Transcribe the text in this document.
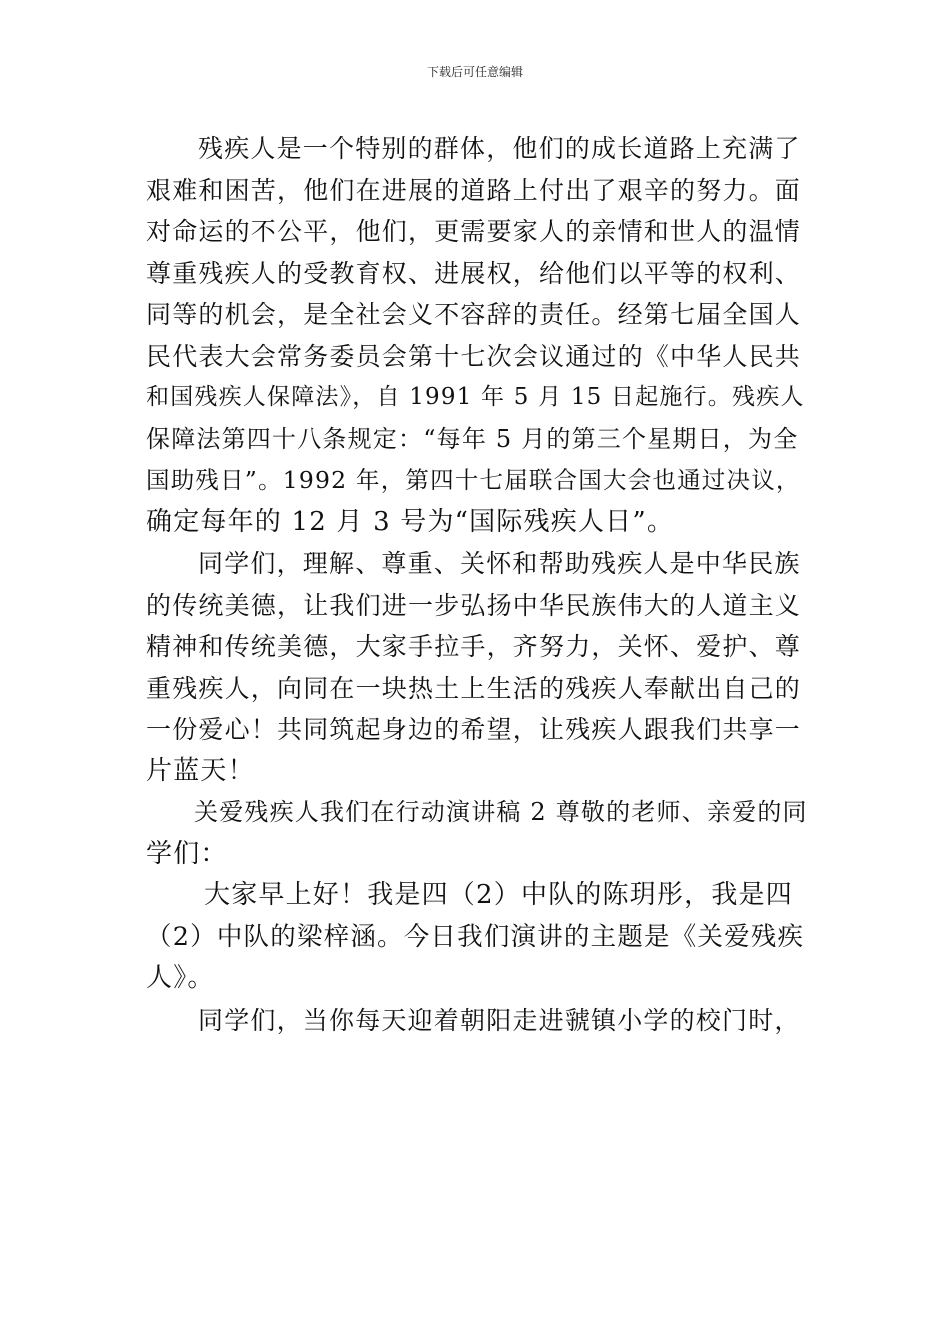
下载后可任意编辑
残疾人是一个特别的群体，他们的成长道路上充满了
艰难和困苦，他们在进展的道路上付出了艰辛的努力。面
对命运的不公平，他们，更需要家人的亲情和世人的温情
尊重残疾人的受教育权、进展权，给他们以平等的权利、
同等的机会，是全社会义不容辞的责任。经第七届全国人
民代表大会常务委员会第十七次会议通过的《中华人民共
和国残疾人保障法》，自 1991 年 5 月 15 日起施行。残疾人
保障法第四十八条规定：“每年 5 月的第三个星期日，为全
国助残日”。1992 年，第四十七届联合国大会也通过决议，
确定每年的 12 月 3 号为“国际残疾人日”。
同学们，理解、尊重、关怀和帮助残疾人是中华民族
的传统美德，让我们进一步弘扬中华民族伟大的人道主义
精神和传统美德，大家手拉手，齐努力，关怀、爱护、尊
重残疾人，向同在一块热土上生活的残疾人奉献出自己的
一份爱心！共同筑起身边的希望，让残疾人跟我们共享一
片蓝天！
关爱残疾人我们在行动演讲稿 2 尊敬的老师、亲爱的同
学们：
大家早上好！我是四（2）中队的陈玥彤，我是四
（2）中队的梁梓涵。今日我们演讲的主题是《关爱残疾
人》。
同学们，当你每天迎着朝阳走进虢镇小学的校门时，
